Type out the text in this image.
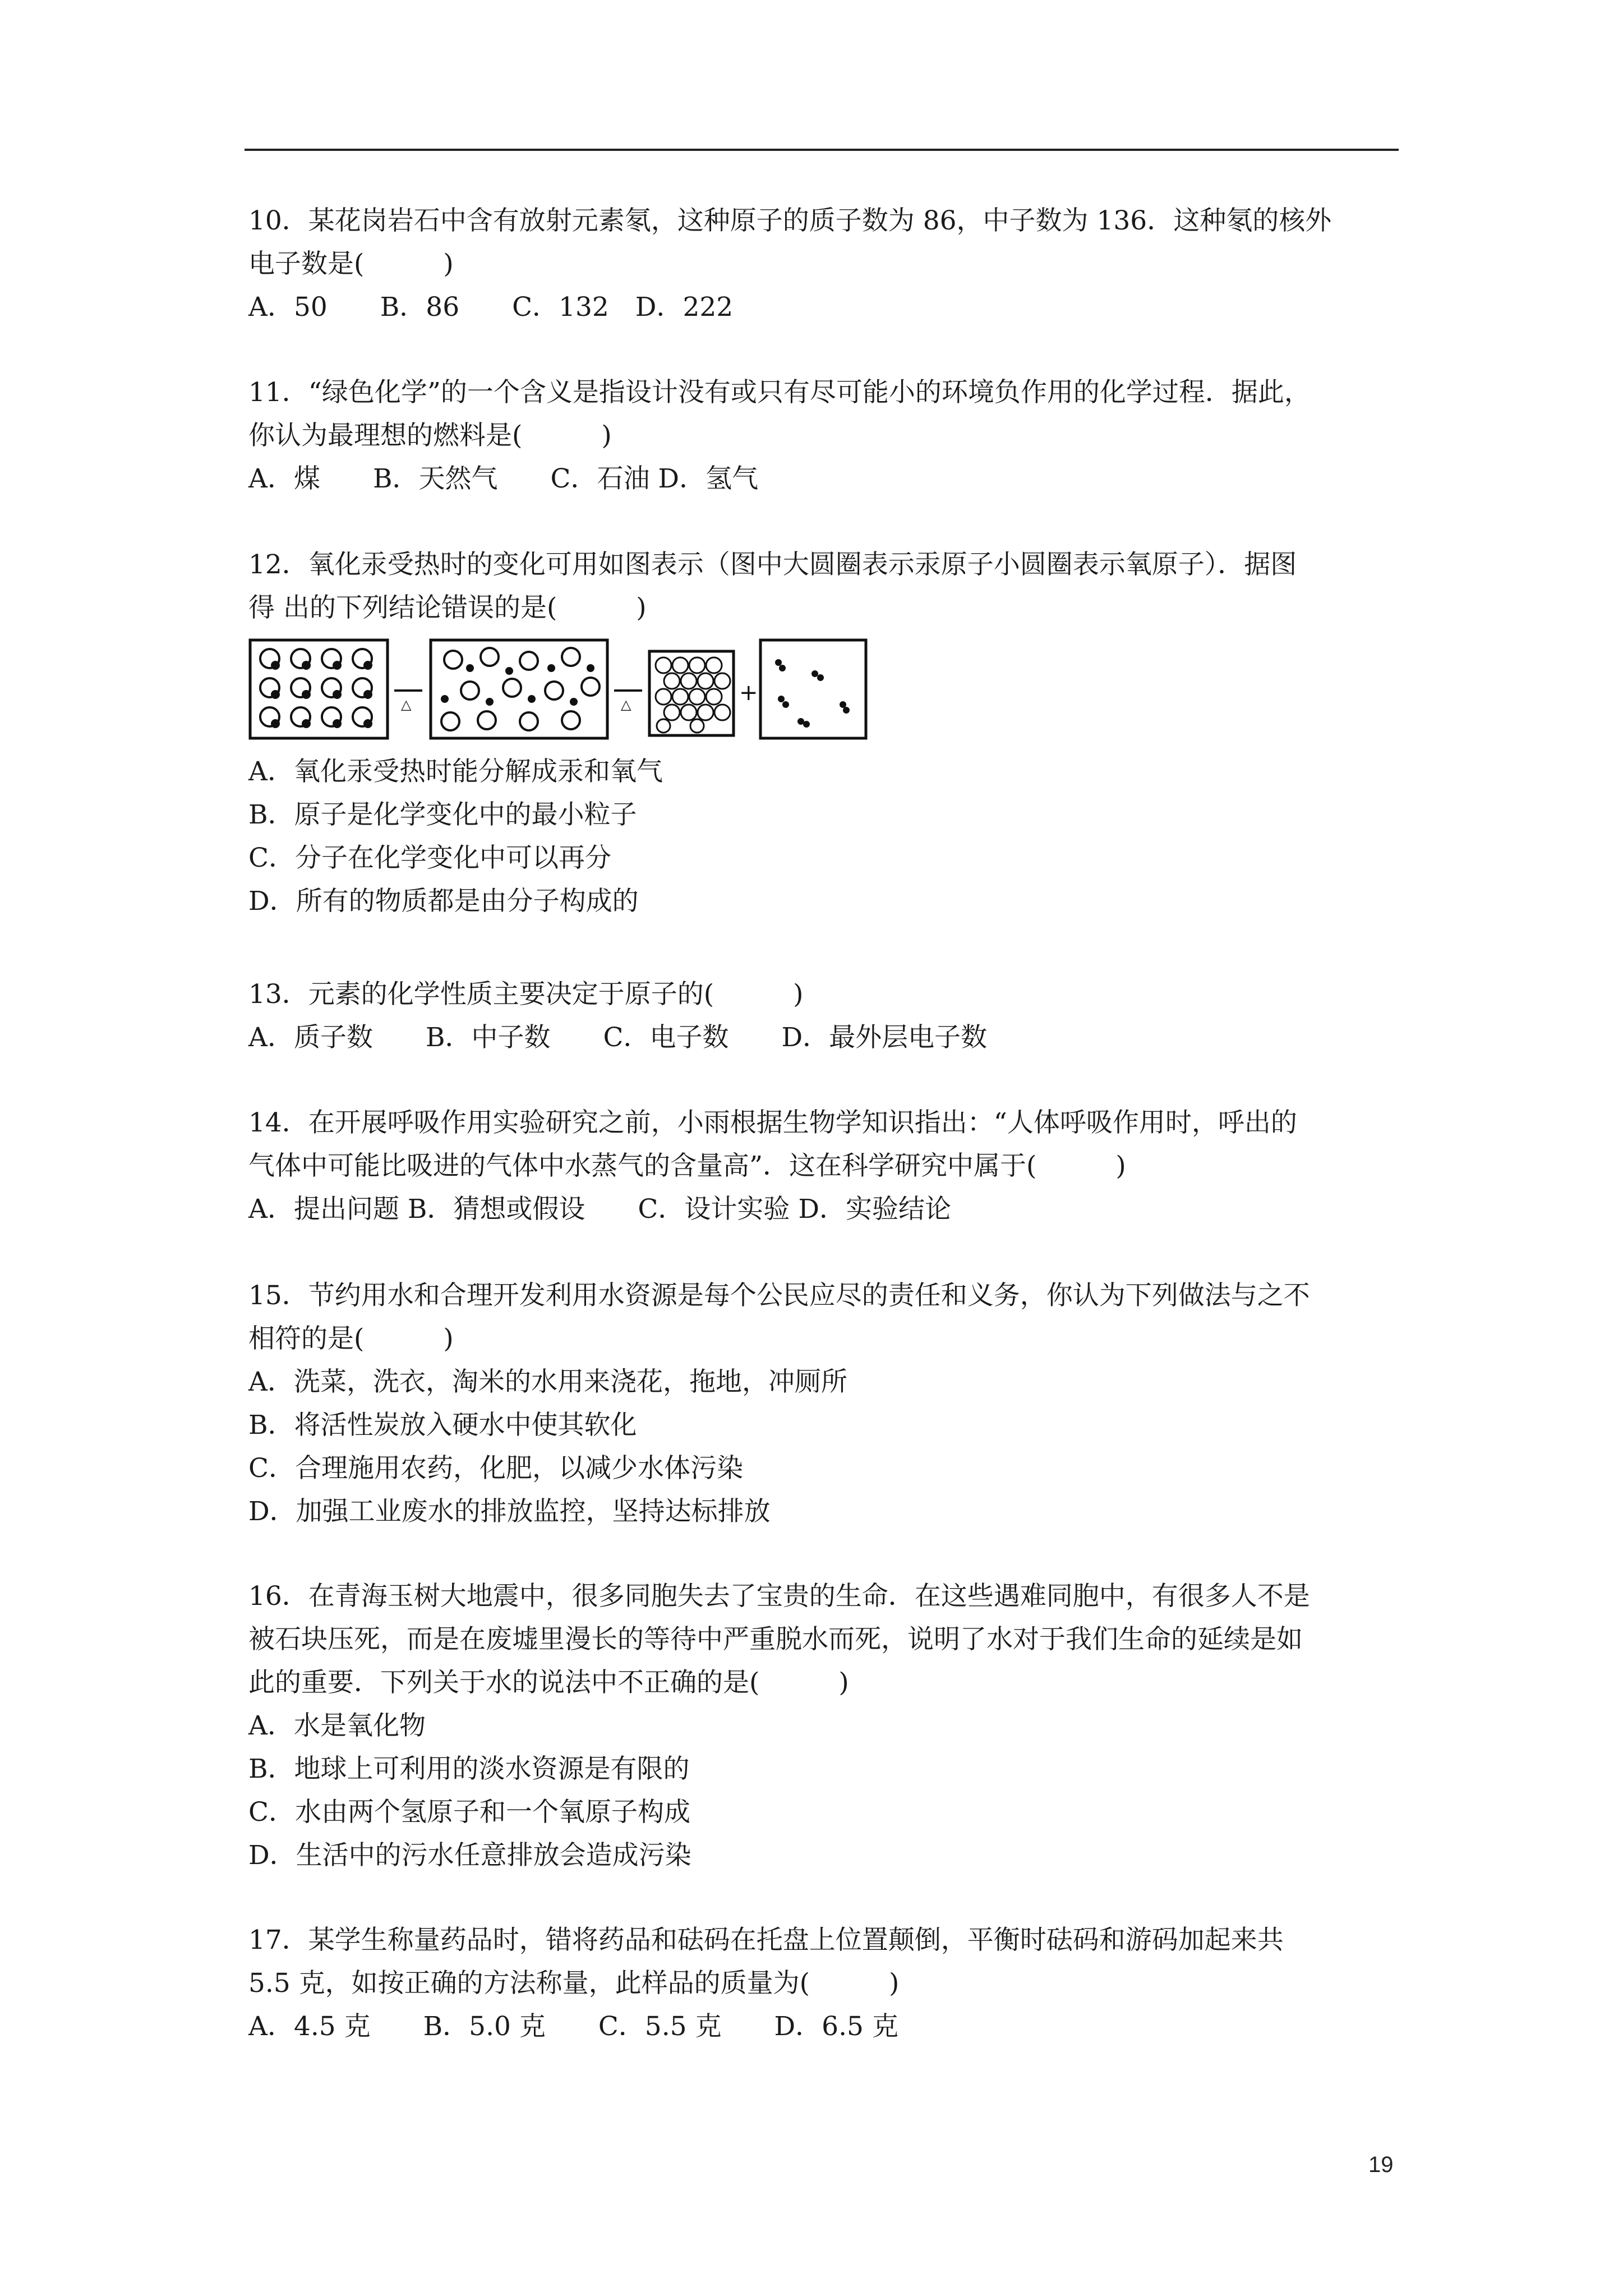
10．某花岗岩石中含有放射元素氡，这种原子的质子数为 86，中子数为 136．这种氡的核外
电子数是(　　　)
A．50　　B．86　　C．132　D．222
11．“绿色化学”的一个含义是指设计没有或只有尽可能小的环境负作用的化学过程．据此，
你认为最理想的燃料是(　　　)
A．煤　　B．天然气　　C．石油 D．氢气
12．氧化汞受热时的变化可用如图表示（图中大圆圈表示汞原子小圆圈表示氧原子）．据图
得 出的下列结论错误的是(　　　)
△	△	+
A．氧化汞受热时能分解成汞和氧气
B．原子是化学变化中的最小粒子
C．分子在化学变化中可以再分
D．所有的物质都是由分子构成的
13．元素的化学性质主要决定于原子的(　　　)
A．质子数　　B．中子数　　C．电子数　　D．最外层电子数
14．在开展呼吸作用实验研究之前，小雨根据生物学知识指出：“人体呼吸作用时，呼出的
气体中可能比吸进的气体中水蒸气的含量高”．这在科学研究中属于(　　　)
A．提出问题 B．猜想或假设　　C．设计实验 D．实验结论
15．节约用水和合理开发利用水资源是每个公民应尽的责任和义务，你认为下列做法与之不
相符的是(　　　)
A．洗菜，洗衣，淘米的水用来浇花，拖地，冲厕所
B．将活性炭放入硬水中使其软化
C．合理施用农药，化肥，以减少水体污染
D．加强工业废水的排放监控，坚持达标排放
16．在青海玉树大地震中，很多同胞失去了宝贵的生命．在这些遇难同胞中，有很多人不是
被石块压死，而是在废墟里漫长的等待中严重脱水而死，说明了水对于我们生命的延续是如
此的重要．下列关于水的说法中不正确的是(　　　)
A．水是氧化物
B．地球上可利用的淡水资源是有限的
C．水由两个氢原子和一个氧原子构成
D．生活中的污水任意排放会造成污染
17．某学生称量药品时，错将药品和砝码在托盘上位置颠倒，平衡时砝码和游码加起来共
5.5 克，如按正确的方法称量，此样品的质量为(　　　)
A．4.5 克　　B．5.0 克　　C．5.5 克　　D．6.5 克
19
